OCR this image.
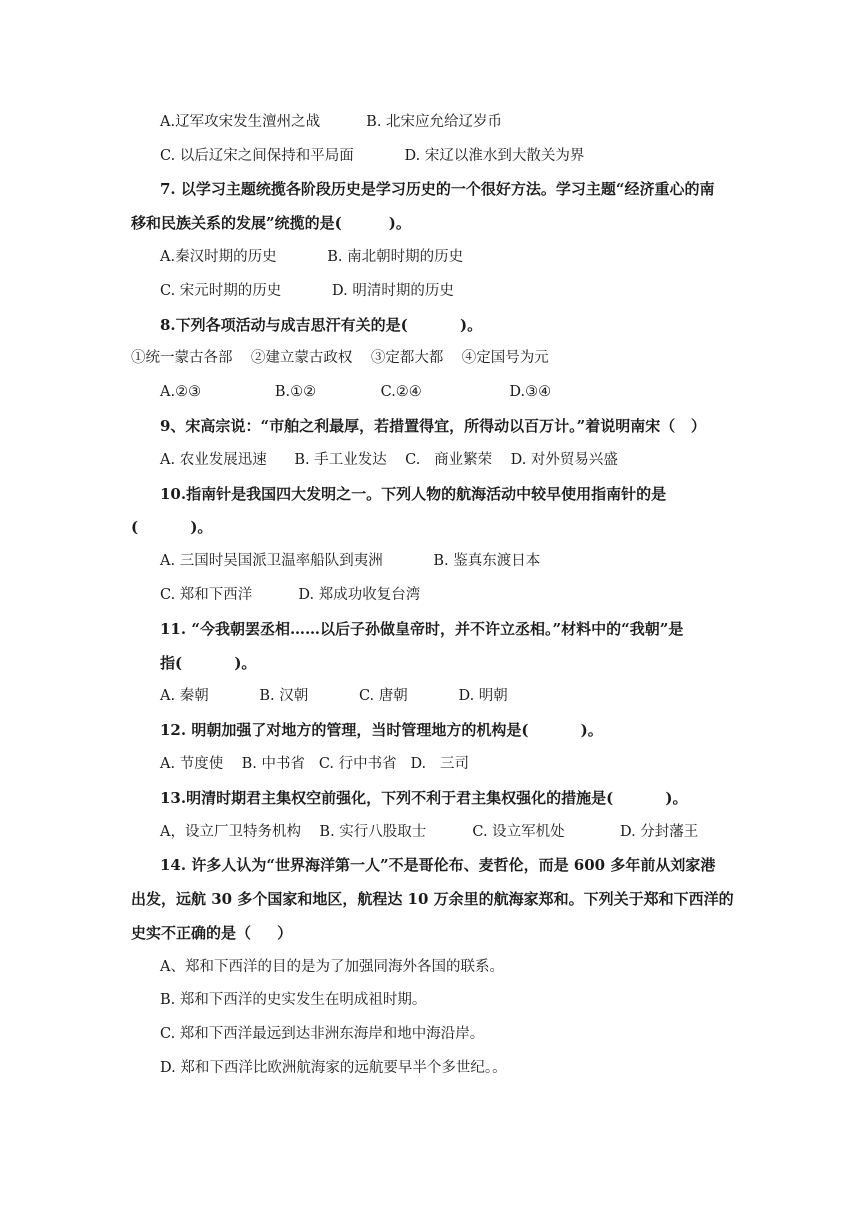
A.辽军攻宋发生澶州之战          B. 北宋应允给辽岁币
C. 以后辽宋之间保持和平局面           D. 宋辽以淮水到大散关为界
7. 以学习主题统揽各阶段历史是学习历史的一个很好方法。学习主题“经济重心的南
移和民族关系的发展”统揽的是(         )。
A.秦汉时期的历史           B. 南北朝时期的历史
C. 宋元时期的历史           D. 明清时期的历史
8.下列各项活动与成吉思汗有关的是(          )。
①统一蒙古各部    ②建立蒙古政权    ③定都大都    ④定国号为元
A.②③                B.①②              C.②④                   D.③④
9、宋高宗说：“市舶之利最厚，若措置得宜，所得动以百万计。”着说明南宋（   ）
A. 农业发展迅速      B. 手工业发达    C.   商业繁荣    D. 对外贸易兴盛
10.指南针是我国四大发明之一。下列人物的航海活动中较早使用指南针的是
(          )。
A. 三国时吴国派卫温率船队到夷洲           B. 鉴真东渡日本
C. 郑和下西洋          D. 郑成功收复台湾
11. “今我朝罢丞相……以后子孙做皇帝时，并不许立丞相。”材料中的“我朝”是
指(          )。
A. 秦朝           B. 汉朝           C. 唐朝           D. 明朝
12. 明朝加强了对地方的管理，当时管理地方的机构是(          )。
A. 节度使    B. 中书省   C. 行中书省   D.   三司
13.明清时期君主集权空前强化，下列不利于君主集权强化的措施是(          )。
A，设立厂卫特务机构    B. 实行八股取士          C. 设立军机处            D. 分封藩王
14. 许多人认为“世界海洋第一人”不是哥伦布、麦哲伦，而是 600 多年前从刘家港
出发，远航 30 多个国家和地区，航程达 10 万余里的航海家郑和。下列关于郑和下西洋的
史实不正确的是（     ）
A、郑和下西洋的目的是为了加强同海外各国的联系。
B. 郑和下西洋的史实发生在明成祖时期。
C. 郑和下西洋最远到达非洲东海岸和地中海沿岸。
D. 郑和下西洋比欧洲航海家的远航要早半个多世纪。。
